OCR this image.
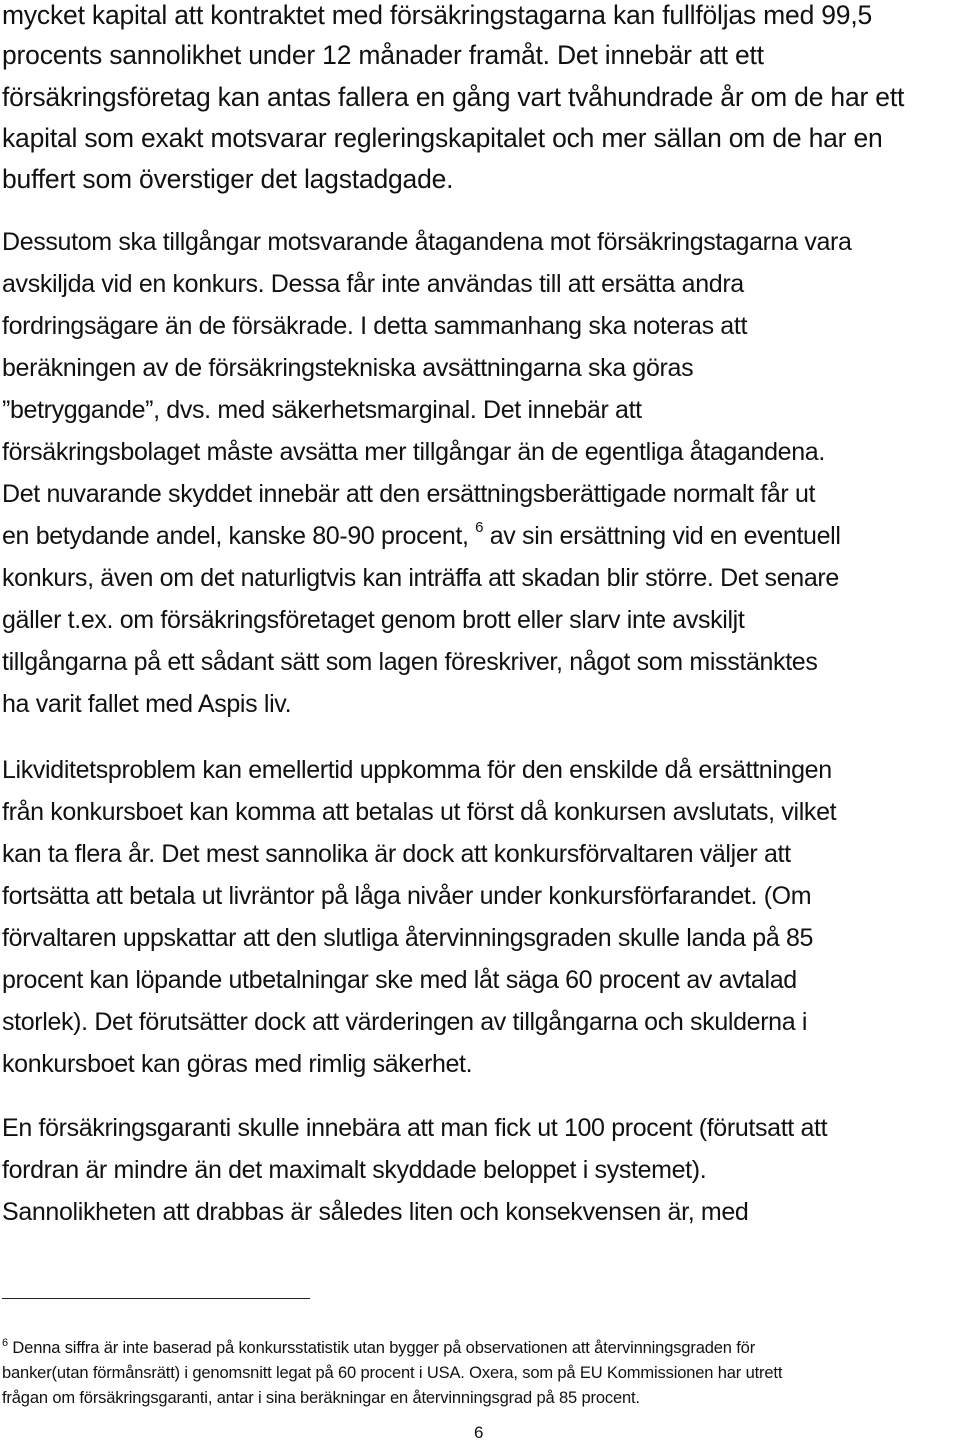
mycket kapital att kontraktet med försäkringstagarna kan fullföljas med 99,5
procents sannolikhet under 12 månader framåt. Det innebär att ett
försäkringsföretag kan antas fallera en gång vart tvåhundrade år om de har ett
kapital som exakt motsvarar regleringskapitalet och mer sällan om de har en
buffert som överstiger det lagstadgade.
Dessutom ska tillgångar motsvarande åtagandena mot försäkringstagarna vara
avskiljda vid en konkurs. Dessa får inte användas till att ersätta andra
fordringsägare än de försäkrade. I detta sammanhang ska noteras att
beräkningen av de försäkringstekniska avsättningarna ska göras
”betryggande”, dvs. med säkerhetsmarginal. Det innebär att
försäkringsbolaget måste avsätta mer tillgångar än de egentliga åtagandena.
Det nuvarande skyddet innebär att den ersättningsberättigade normalt får ut
en betydande andel, kanske 80-90 procent, $^6$ av sin ersättning vid en eventuell
konkurs, även om det naturligtvis kan inträffa att skadan blir större. Det senare
gäller t.ex. om försäkringsföretaget genom brott eller slarv inte avskiljt
tillgångarna på ett sådant sätt som lagen föreskriver, något som misstänktes
ha varit fallet med Aspis liv.
Likviditetsproblem kan emellertid uppkomma för den enskilde då ersättningen
från konkursboet kan komma att betalas ut först då konkursen avslutats, vilket
kan ta flera år. Det mest sannolika är dock att konkursförvaltaren väljer att
fortsätta att betala ut livräntor på låga nivåer under konkursförfarandet. (Om
förvaltaren uppskattar att den slutliga återvinningsgraden skulle landa på 85
procent kan löpande utbetalningar ske med låt säga 60 procent av avtalad
storlek). Det förutsätter dock att värderingen av tillgångarna och skulderna i
konkursboet kan göras med rimlig säkerhet.
En försäkringsgaranti skulle innebära att man fick ut 100 procent (förutsatt att
fordran är mindre än det maximalt skyddade beloppet i systemet).
Sannolikheten att drabbas är således liten och konsekvensen är, med
$^6$ Denna siffra är inte baserad på konkursstatistik utan bygger på observationen att återvinningsgraden för
banker(utan förmånsrätt) i genomsnitt legat på 60 procent i USA. Oxera, som på EU Kommissionen har utrett
frågan om försäkringsgaranti, antar i sina beräkningar en återvinningsgrad på 85 procent.
6
